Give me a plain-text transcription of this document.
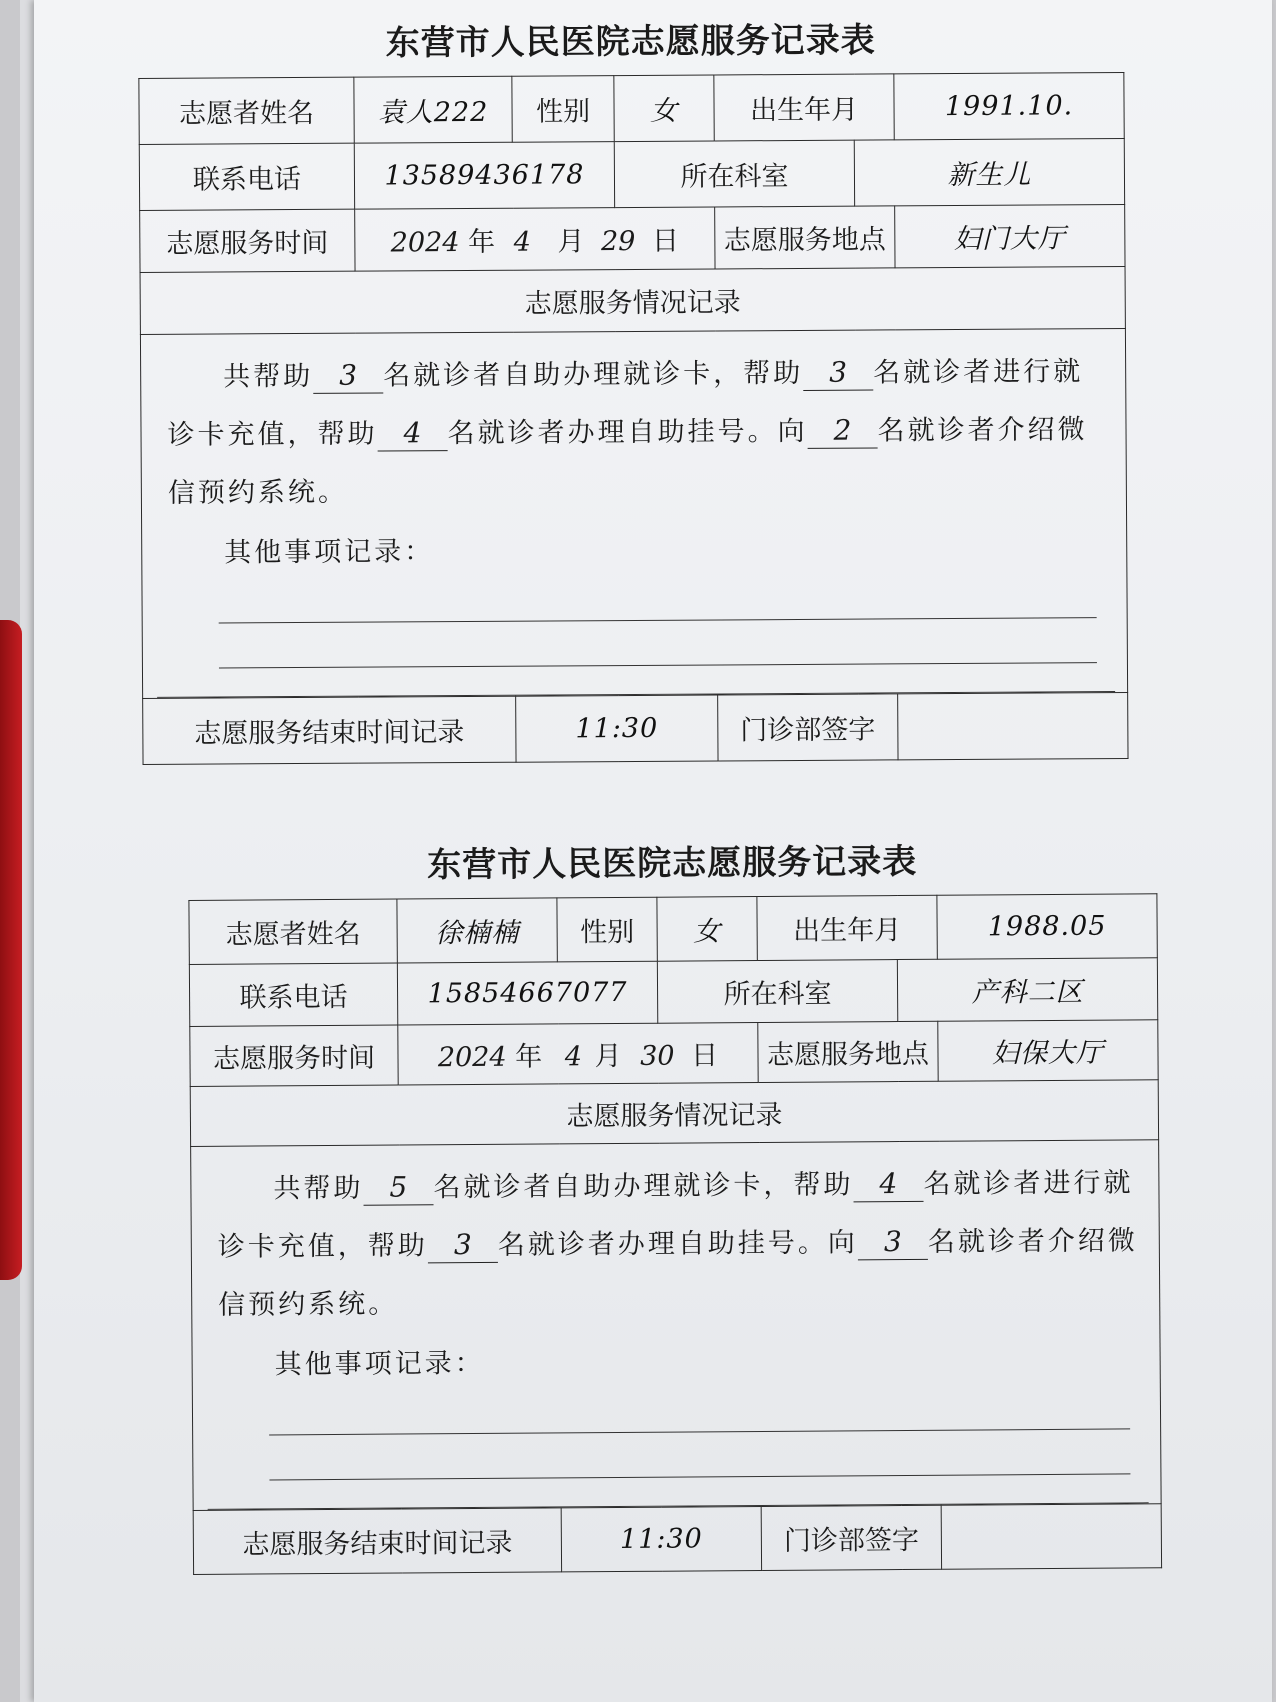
东营市人民医院志愿服务记录表
志愿者姓名	袁人222	性别	女	出生年月		1991.10.
联系电话	13589436178		所在科室		新生儿	
志愿服务时间	2024 年 4 月 29 日			志愿服务地点		妇门大厅
志愿服务情况记录						

共帮助 3 名就诊者自助办理就诊卡，帮助 3 名就诊者进行就诊卡充值，帮助 4 名就诊者办理自助挂号。向 2 名就诊者介绍微信预约系统。
其他事项记录：						

志愿服务结束时间记录		11:30		门诊部签字		
东营市人民医院志愿服务记录表
志愿者姓名	徐楠楠	性别	女	出生年月		1988.05
联系电话	15854667077		所在科室		产科二区	
志愿服务时间	2024 年 4 月 30 日			志愿服务地点		妇保大厅
志愿服务情况记录						

共帮助 5 名就诊者自助办理就诊卡，帮助 4 名就诊者进行就诊卡充值，帮助 3 名就诊者办理自助挂号。向 3 名就诊者介绍微信预约系统。
其他事项记录：						

志愿服务结束时间记录		11:30		门诊部签字		
